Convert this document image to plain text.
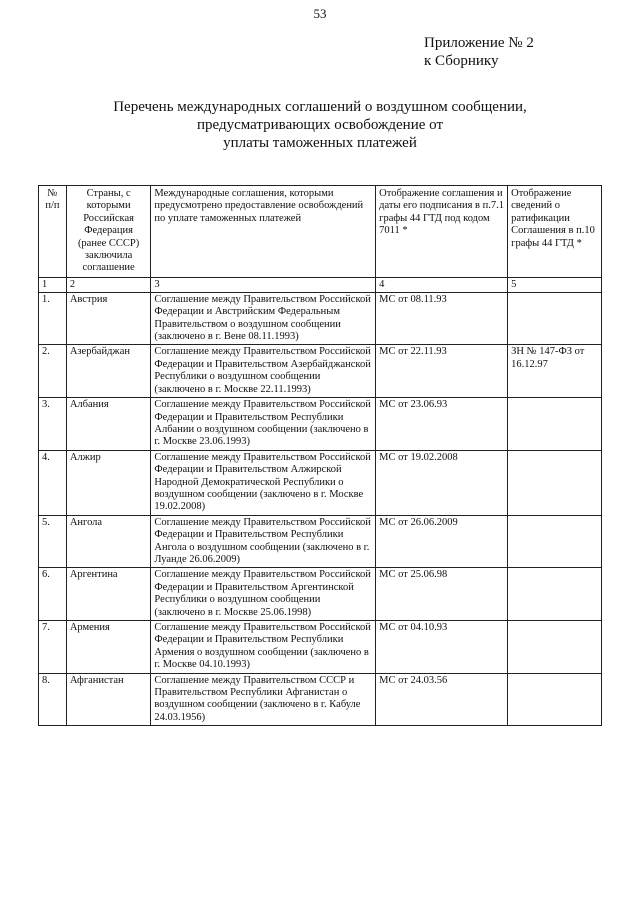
53
Приложение № 2
к Сборнику
Перечень международных соглашений о воздушном сообщении,
предусматривающих освобождение от
уплаты таможенных платежей
№ п/п	Страны, с которыми Российская Федерация (ранее СССР) заключила соглашение	Международные соглашения, которыми предусмотрено предоставление освобождений по уплате таможенных платежей	Отображение соглашения и даты его подписания в п.7.1 графы 44 ГТД под кодом 7011 *	Отображение сведений о ратификации Соглашения в п.10 графы 44 ГТД *
1	2	3	4	5
1.	Австрия	Соглашение между Правительством Российской Федерации и Австрийским Федеральным Правительством о воздушном сообщении (заключено в г. Вене 08.11.1993)	МС от 08.11.93	
2.	Азербайджан	Соглашение между Правительством Российской Федерации и Правительством Азербайджанской Республики о воздушном сообщении (заключено в г. Москве 22.11.1993)	МС от 22.11.93	ЗН № 147-ФЗ от 16.12.97
3.	Албания	Соглашение между Правительством Российской Федерации и Правительством Республики Албании о воздушном сообщении (заключено в г. Москве 23.06.1993)	МС от 23.06.93	
4.	Алжир	Соглашение между Правительством Российской Федерации и Правительством Алжирской Народной Демократической Республики о воздушном сообщении (заключено в г. Москве 19.02.2008)	МС от 19.02.2008	
5.	Ангола	Соглашение между Правительством Российской Федерации и Правительством Республики Ангола о воздушном сообщении (заключено в г. Луанде 26.06.2009)	МС от 26.06.2009	
6.	Аргентина	Соглашение между Правительством Российской Федерации и Правительством Аргентинской Республики о воздушном сообщении (заключено в г. Москве 25.06.1998)	МС от 25.06.98	
7.	Армения	Соглашение между Правительством Российской Федерации и Правительством Республики Армения о воздушном сообщении (заключено в г. Москве 04.10.1993)	МС от 04.10.93	
8.	Афганистан	Соглашение между Правительством СССР и Правительством Республики Афганистан о воздушном сообщении (заключено в г. Кабуле 24.03.1956)	МС от 24.03.56	
